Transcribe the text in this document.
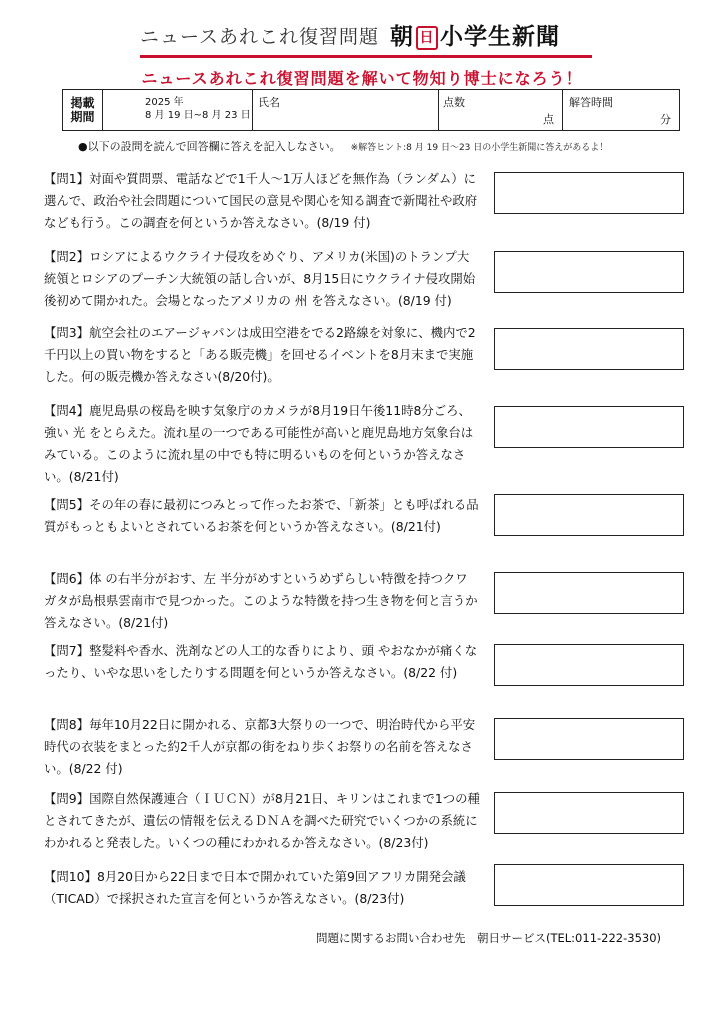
ニュースあれこれ復習問題 朝 日 小学生新聞
ニュースあれこれ復習問題を解いて物知り博士になろう！
掲載
期間
2025 年
8 月 19 日~8 月 23 日
氏名	点数
点
解答時間
分
●以下の設問を読んで回答欄に答えを記入しなさい。 ※解答ヒント:8 月 19 日～23 日の小学生新聞に答えがあるよ！
【問1】対面や質問票、電話などで1千人～1万人ほどを無作為（ランダム）に選んで、政治や社会問題について国民の意見や関心を知る調査で新聞社や政府なども行う。この調査を何というか答えなさい。(8/19 付)
【問2】ロシアによるウクライナ侵攻をめぐり、アメリカ(米国)のトランプ大統領とロシアのプーチン大統領の話し合いが、8月15日にウクライナ侵攻開始後初めて開かれた。会場となったアメリカの 州 を答えなさい。(8/19 付)
【問3】航空会社のエアージャパンは成田空港をでる2路線を対象に、機内で2千円以上の買い物をすると「ある販売機」を回せるイベントを8月末まで実施した。何の販売機か答えなさい(8/20付)。
【問4】鹿児島県の桜島を映す気象庁のカメラが8月19日午後11時8分ごろ、強い 光 をとらえた。流れ星の一つである可能性が高いと鹿児島地方気象台はみている。このように流れ星の中でも特に明るいものを何というか答えなさい。(8/21付)
【問5】その年の春に最初につみとって作ったお茶で、「新茶」とも呼ばれる品質がもっともよいとされているお茶を何というか答えなさい。(8/21付)
【問6】体 の右半分がおす、左 半分がめすというめずらしい特徴を持つクワガタが島根県雲南市で見つかった。このような特徴を持つ生き物を何と言うか答えなさい。(8/21付)
【問7】整髪料や香水、洗剤などの人工的な香りにより、頭 やおなかが痛くなったり、いやな思いをしたりする問題を何というか答えなさい。(8/22 付)
【問8】毎年10月22日に開かれる、京都3大祭りの一つで、明治時代から平安時代の衣装をまとった約2千人が京都の街をねり歩くお祭りの名前を答えなさい。(8/22 付)
【問9】国際自然保護連合（ＩＵＣＮ）が8月21日、キリンはこれまで1つの種とされてきたが、遺伝の情報を伝えるＤＮＡを調べた研究でいくつかの系統にわかれると発表した。いくつの種にわかれるか答えなさい。(8/23付)
【問10】8月20日から22日まで日本で開かれていた第9回アフリカ開発会議（TICAD）で採択された宣言を何というか答えなさい。(8/23付)
問題に関するお問い合わせ先　朝日サービス(TEL:011-222-3530)
